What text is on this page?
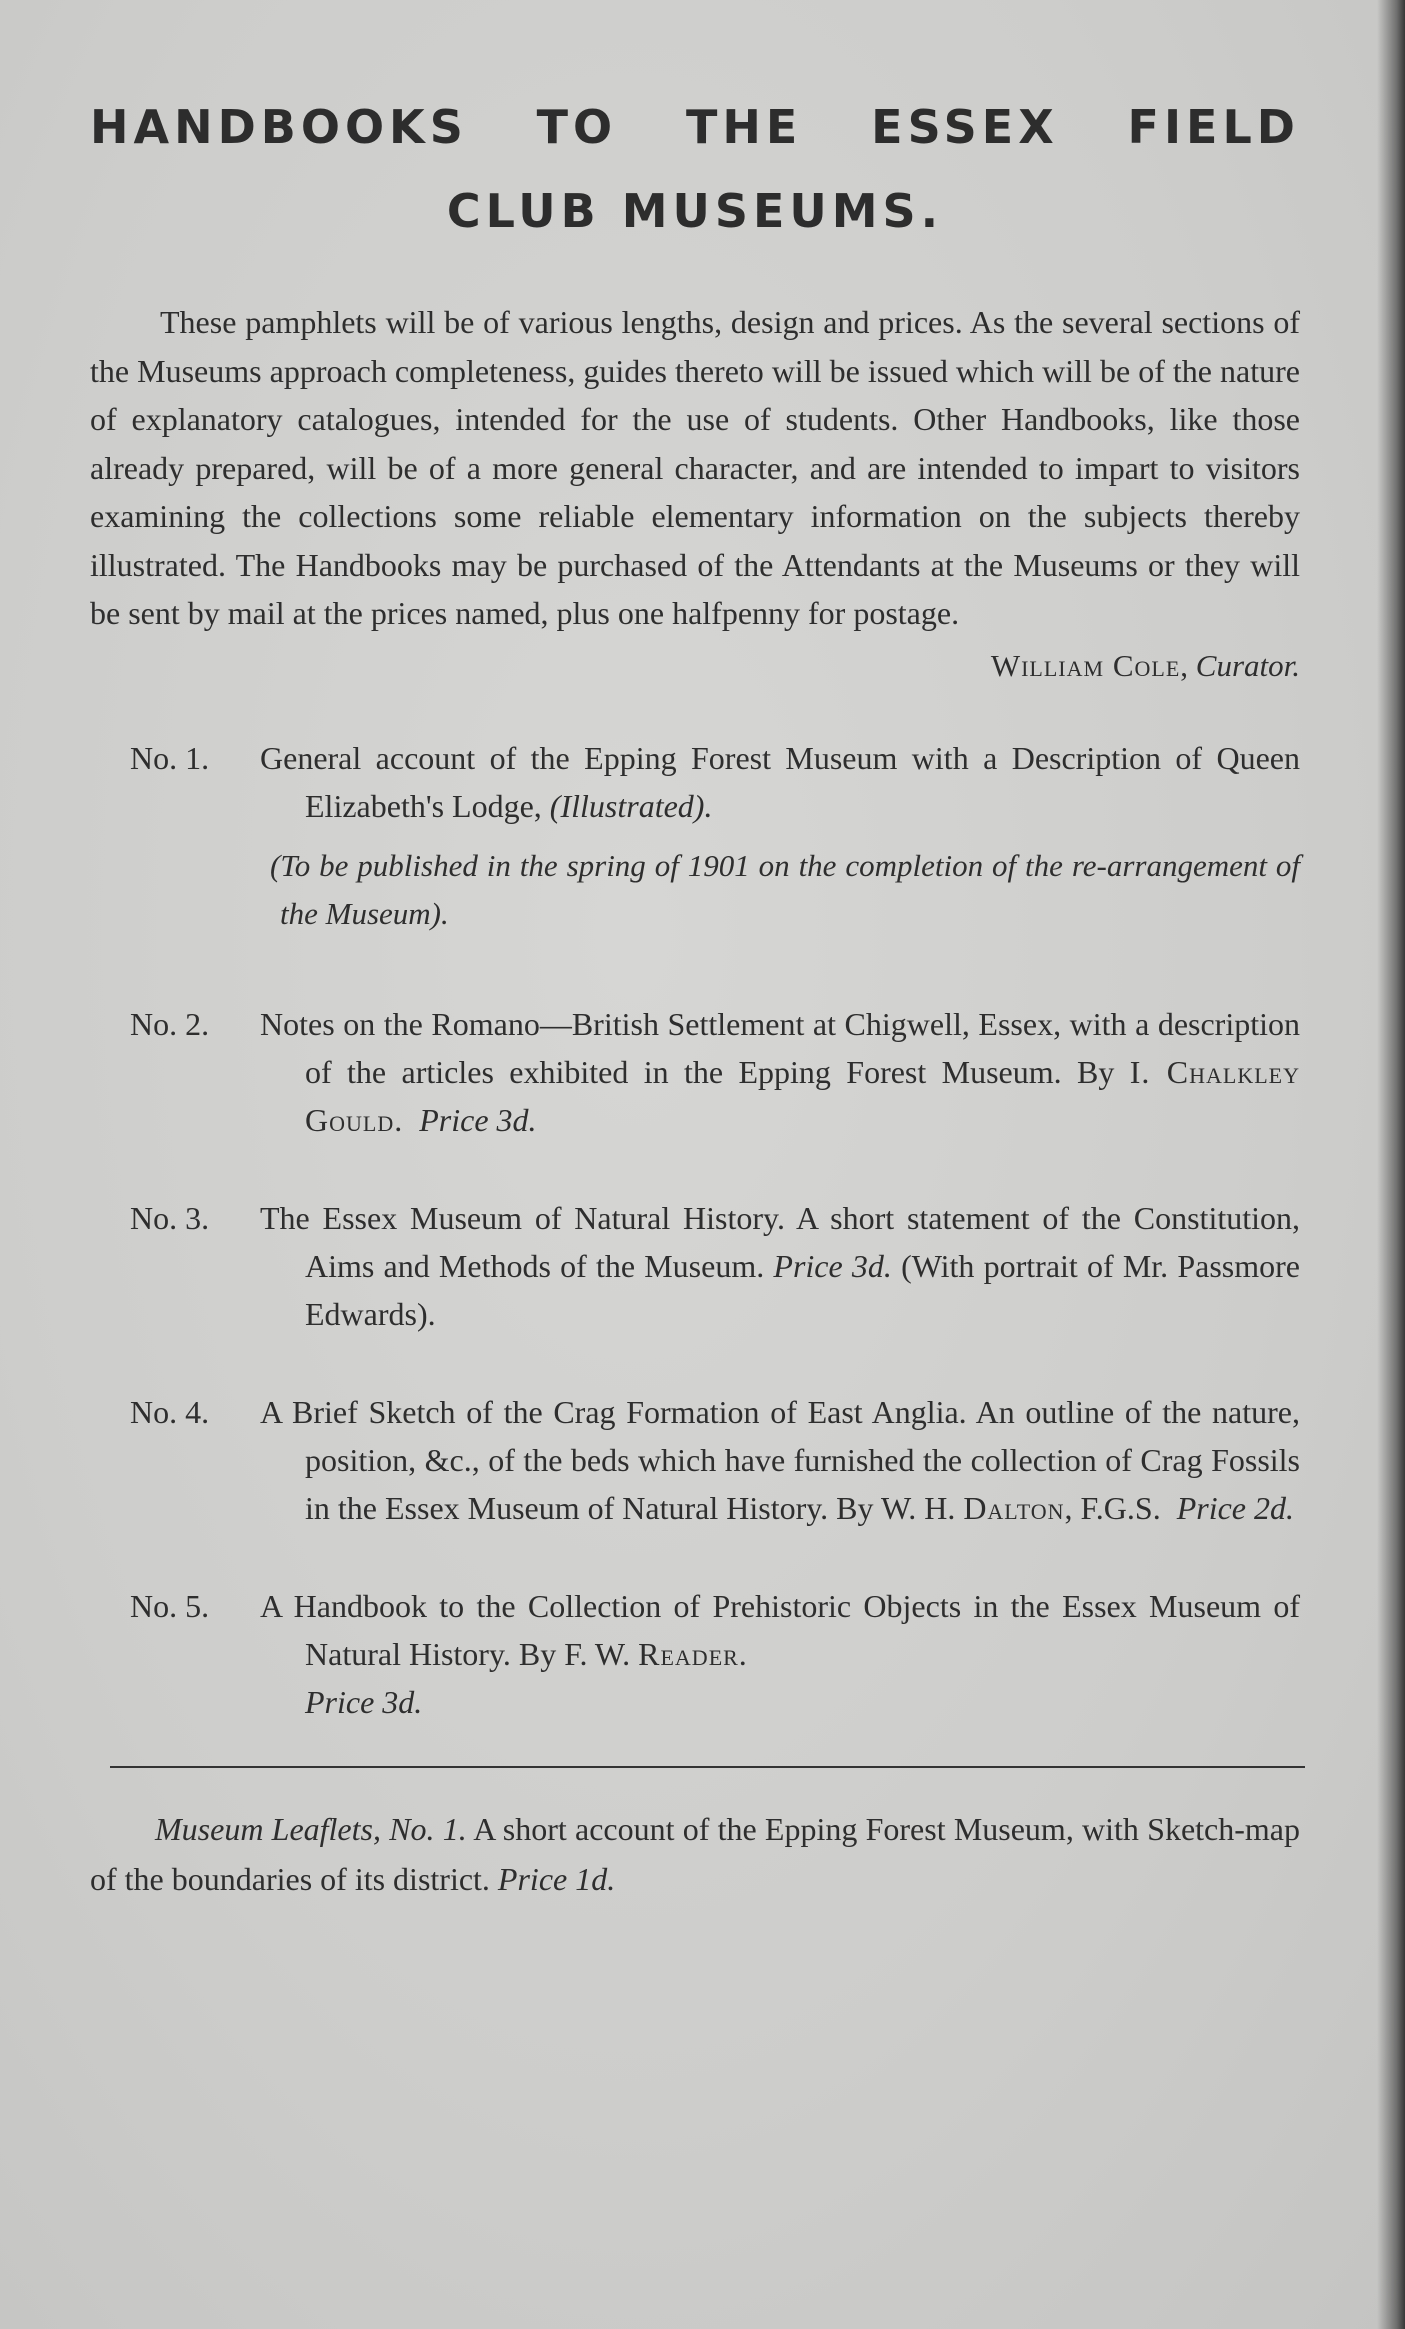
HANDBOOKS TO THE ESSEX FIELD
CLUB MUSEUMS.

These pamphlets will be of various lengths, design and prices. As the several sections of the Museums approach completeness, guides thereto will be issued which will be of the nature of explanatory catalogues, intended for the use of students. Other Handbooks, like those already prepared, will be of a more general character, and are intended to impart to visitors examining the collections some reliable elementary information on the subjects thereby illustrated. The Handbooks may be purchased of the Attendants at the Museums or they will be sent by mail at the prices named, plus one halfpenny for postage.

William Cole, Curator.
No. 1. General account of the Epping Forest Museum with a Description of Queen Elizabeth's Lodge, (Illustrated).
(To be published in the spring of 1901 on the completion of the re-arrangement of the Museum).
No. 2. Notes on the Romano—British Settlement at Chigwell, Essex, with a description of the articles exhibited in the Epping Forest Museum. By I. Chalkley Gould. Price 3d.
No. 3. The Essex Museum of Natural History. A short statement of the Constitution, Aims and Methods of the Museum. Price 3d. (With portrait of Mr. Passmore Edwards).
No. 4. A Brief Sketch of the Crag Formation of East Anglia. An outline of the nature, position, &c., of the beds which have furnished the collection of Crag Fossils in the Essex Museum of Natural History. By W. H. Dalton, F.G.S. Price 2d.
No. 5. A Handbook to the Collection of Prehistoric Objects in the Essex Museum of Natural History. By F. W. Reader.
Price 3d.

Museum Leaflets, No. 1. A short account of the Epping Forest Museum, with Sketch-map of the boundaries of its district. Price 1d.
